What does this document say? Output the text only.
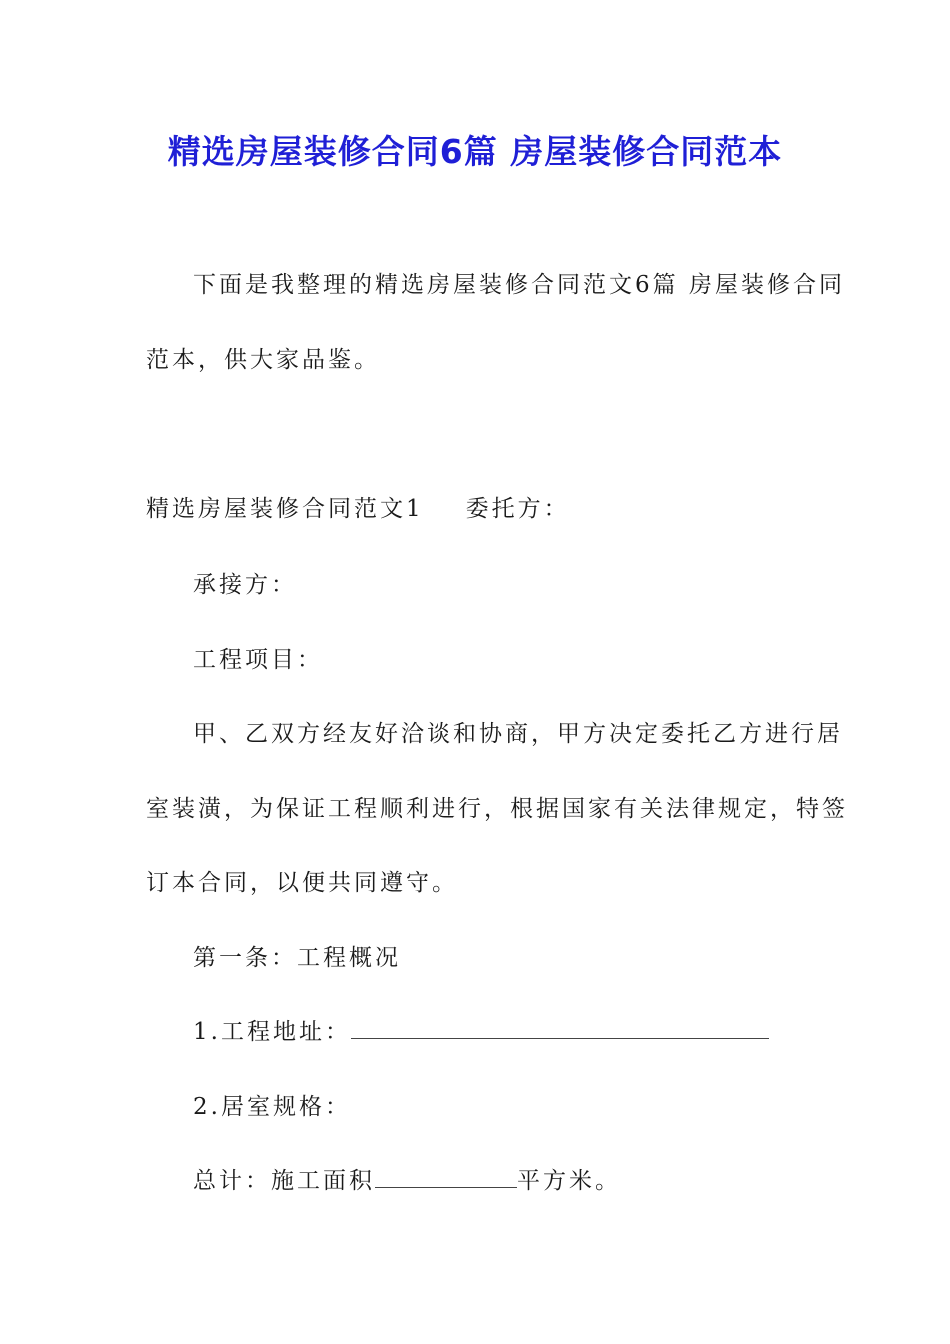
精选房屋装修合同6篇 房屋装修合同范本
下面是我整理的精选房屋装修合同范文6篇 房屋装修合同
范本，供大家品鉴。
精选房屋装修合同范文1 委托方：
承接方：
工程项目：
甲、乙双方经友好洽谈和协商，甲方决定委托乙方进行居
室装潢，为保证工程顺利进行，根据国家有关法律规定，特签
订本合同，以便共同遵守。
第一条：工程概况
1.工程地址：
2.居室规格：
总计：施工面积	平方米。
